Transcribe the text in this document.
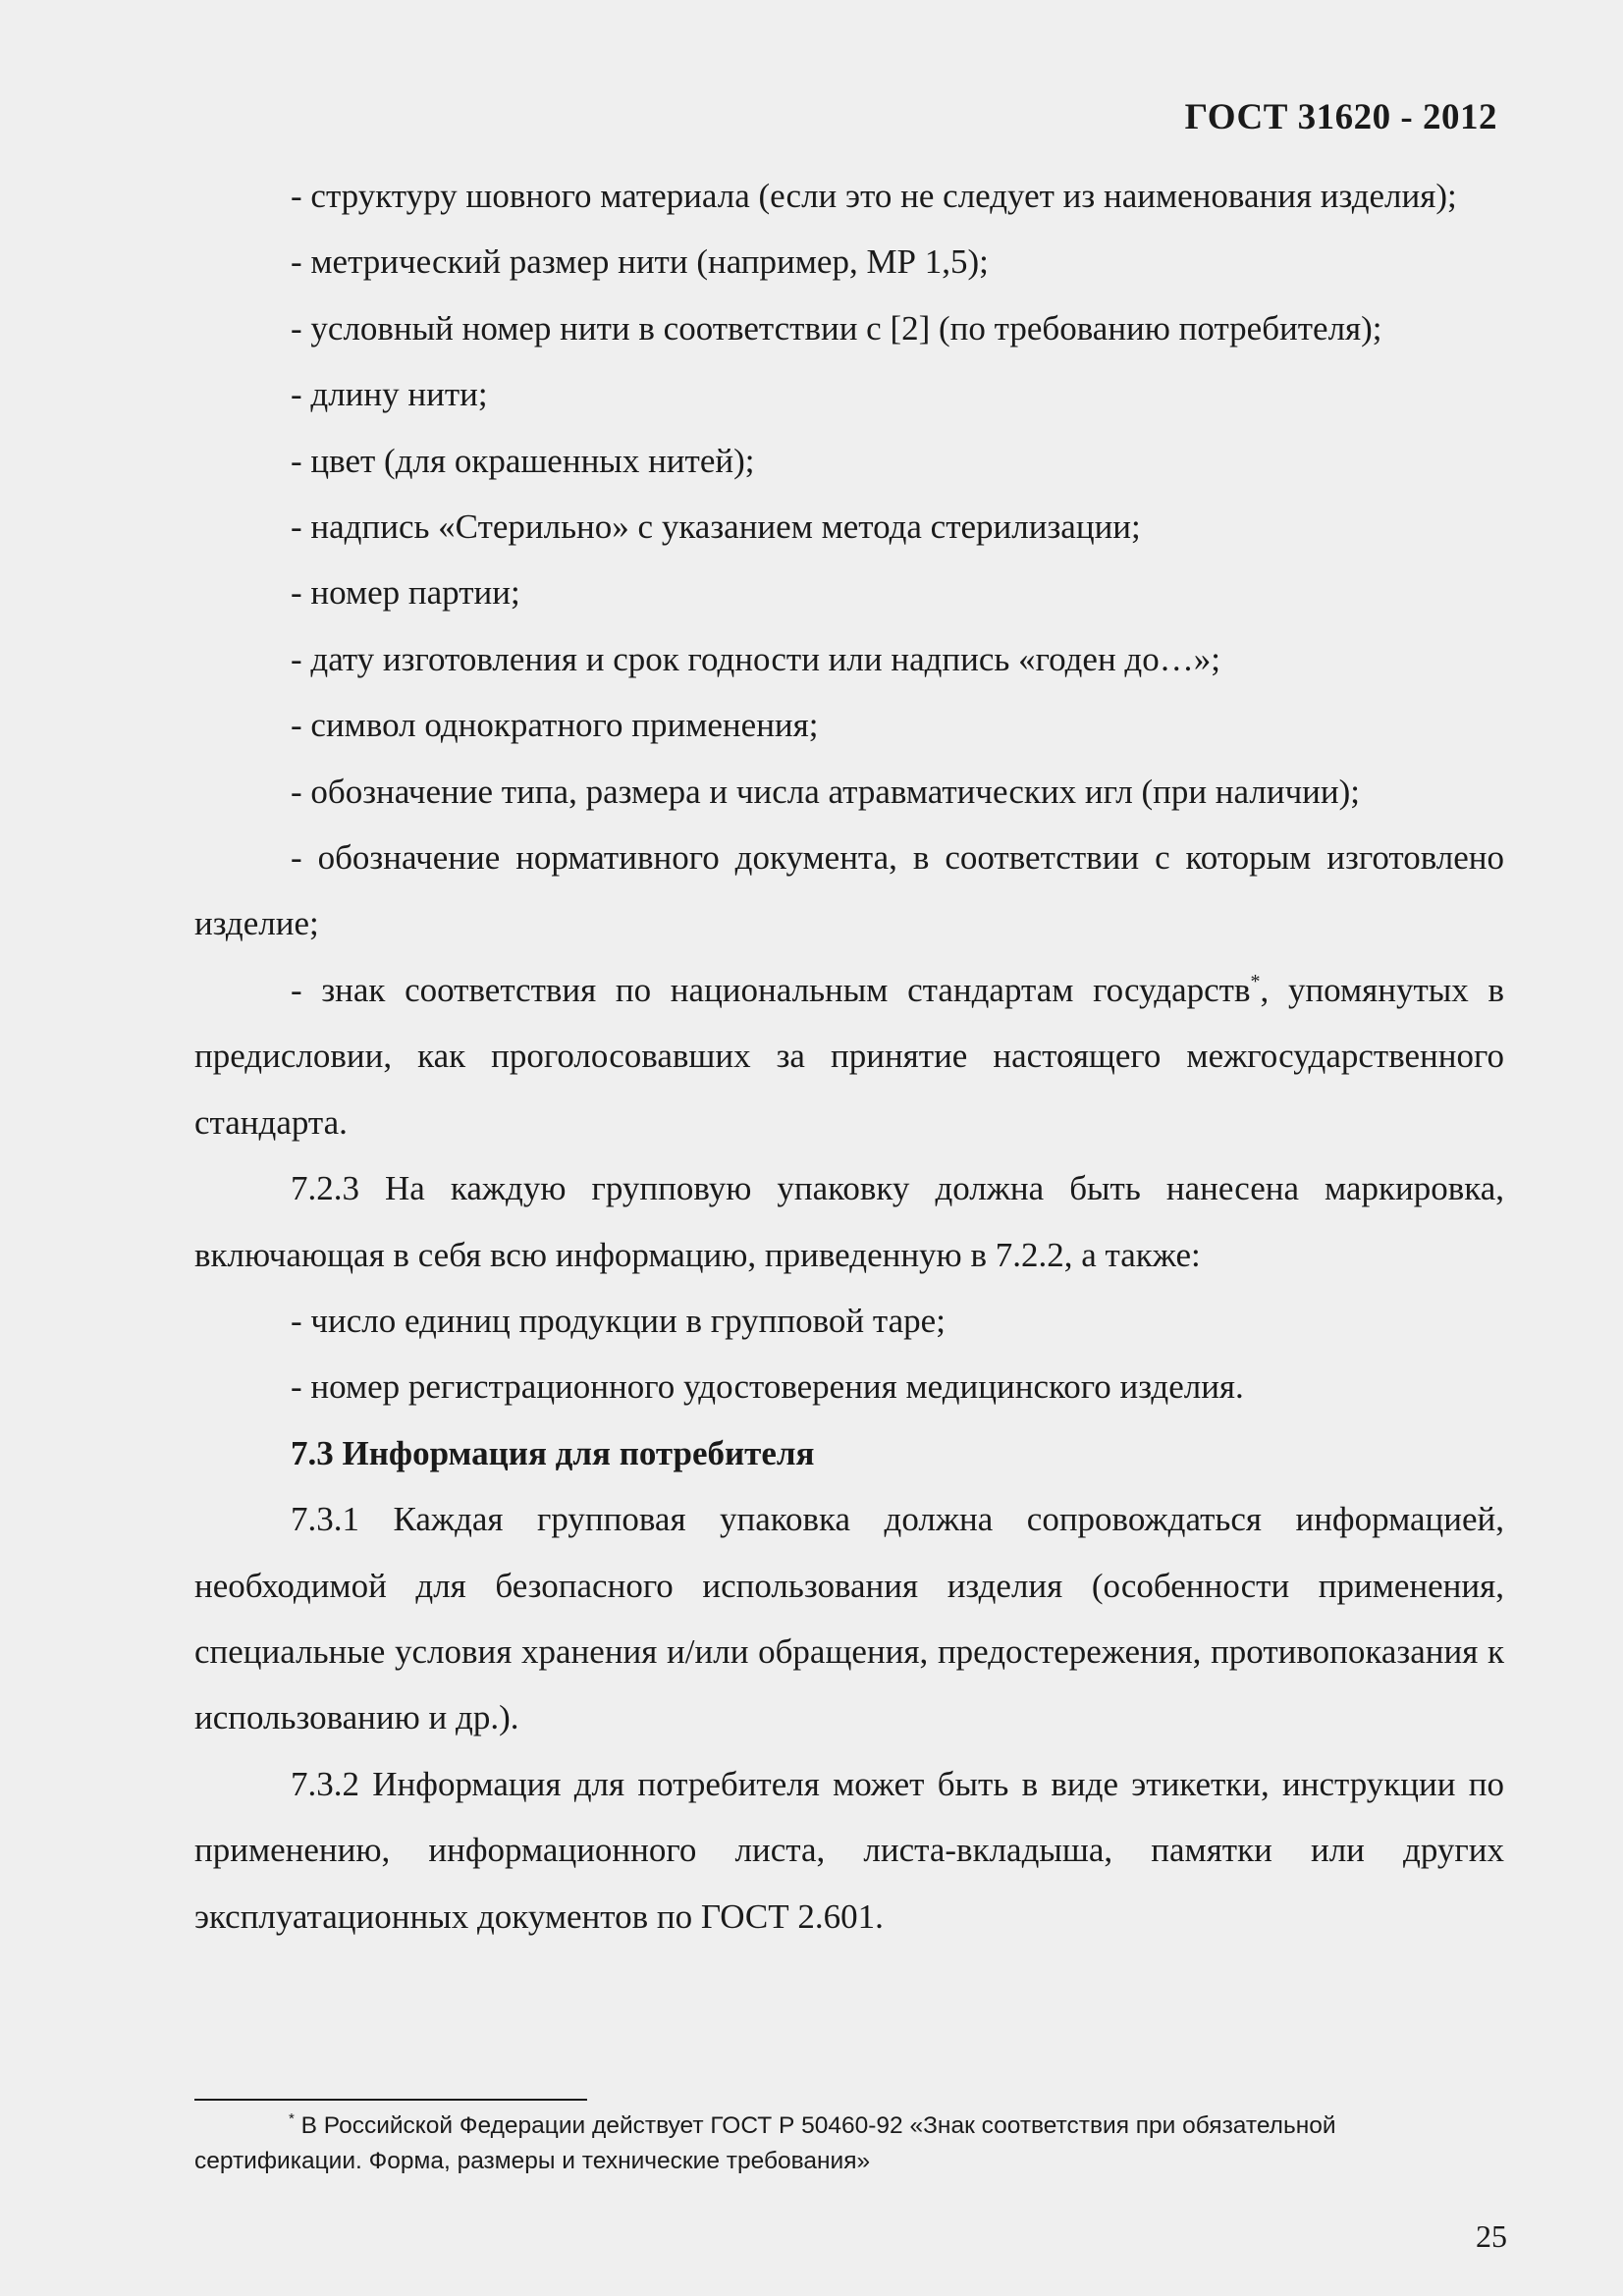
ГОСТ 31620 - 2012

- структуру шовного материала (если это не следует из наименования изделия);

- метрический размер нити (например, МР 1,5);

- условный номер нити в соответствии с [2] (по требованию потребителя);

- длину нити;

- цвет (для окрашенных нитей);

- надпись «Стерильно» с указанием метода стерилизации;

- номер партии;

- дату изготовления и срок годности или надпись «годен до…»;

- символ однократного применения;

- обозначение типа, размера и числа атравматических игл (при наличии);

- обозначение нормативного документа, в соответствии с которым изготовлено изделие;

- знак соответствия по национальным стандартам государств*, упомянутых в предисловии, как проголосовавших за принятие настоящего межгосударственного стандарта.

7.2.3 На каждую групповую упаковку должна быть нанесена маркировка, включающая в себя всю информацию, приведенную в 7.2.2, а также:

- число единиц продукции в групповой таре;

- номер регистрационного удостоверения медицинского изделия.

7.3 Информация для потребителя

7.3.1 Каждая групповая упаковка должна сопровождаться информацией, необходимой для безопасного использования изделия (особенности применения, специальные условия хранения и/или обращения, предостережения, противопоказания к использованию и др.).

7.3.2 Информация для потребителя может быть в виде этикетки, инструкции по применению, информационного листа, листа-вкладыша, памятки или других эксплуатационных документов по ГОСТ 2.601.

* В Российской Федерации действует ГОСТ Р 50460-92 «Знак соответствия при обязательной
сертификации. Форма, размеры и технические требования»
25
